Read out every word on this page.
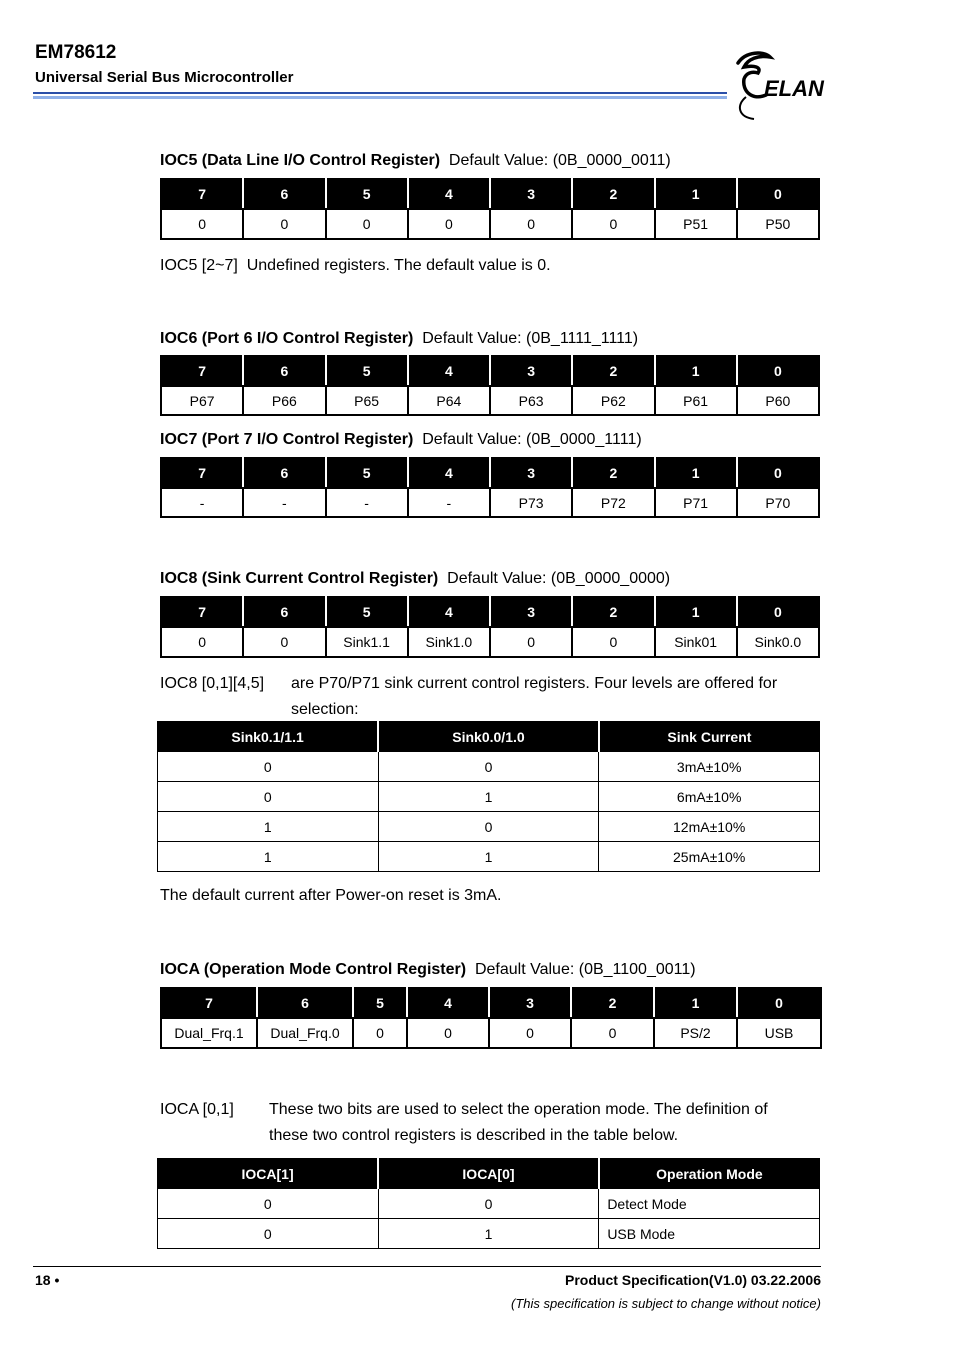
EM78612
Universal Serial Bus Microcontroller	ELAN
IOC5 (Data Line I/O Control Register) Default Value: (0B_0000_0011)
7	6	5	4	3	2	1	0
0	0	0	0	0	0	P51	P50
IOC5 [2~7]  Undefined registers. The default value is 0.
IOC6 (Port 6 I/O Control Register) Default Value: (0B_1111_1111)
7	6	5	4	3	2	1	0
P67	P66	P65	P64	P63	P62	P61	P60
IOC7 (Port 7 I/O Control Register) Default Value: (0B_0000_1111)
7	6	5	4	3	2	1	0
-	-	-	-	P73	P72	P71	P70
IOC8 (Sink Current Control Register) Default Value: (0B_0000_0000)
7	6	5	4	3	2	1	0
0	0	Sink1.1	Sink1.0	0	0	Sink01	Sink0.0
IOC8 [0,1][4,5] are P70/P71 sink current control registers. Four levels are offered for
selection:
Sink0.1/1.1	Sink0.0/1.0	Sink Current
0	0	3mA±10%
0	1	6mA±10%
1	0	12mA±10%
1	1	25mA±10%
The default current after Power-on reset is 3mA.
IOCA (Operation Mode Control Register) Default Value: (0B_1100_0011)
7	6	5	4	3	2	1	0
Dual_Frq.1	Dual_Frq.0	0	0	0	0	PS/2	USB
IOCA [0,1] These two bits are used to select the operation mode. The definition of
these two control registers is described in the table below.
IOCA[1]	IOCA[0]	Operation Mode
0	0	Detect Mode
0	1	USB Mode
18 •	Product Specification(V1.0) 03.22.2006
(This specification is subject to change without notice)
